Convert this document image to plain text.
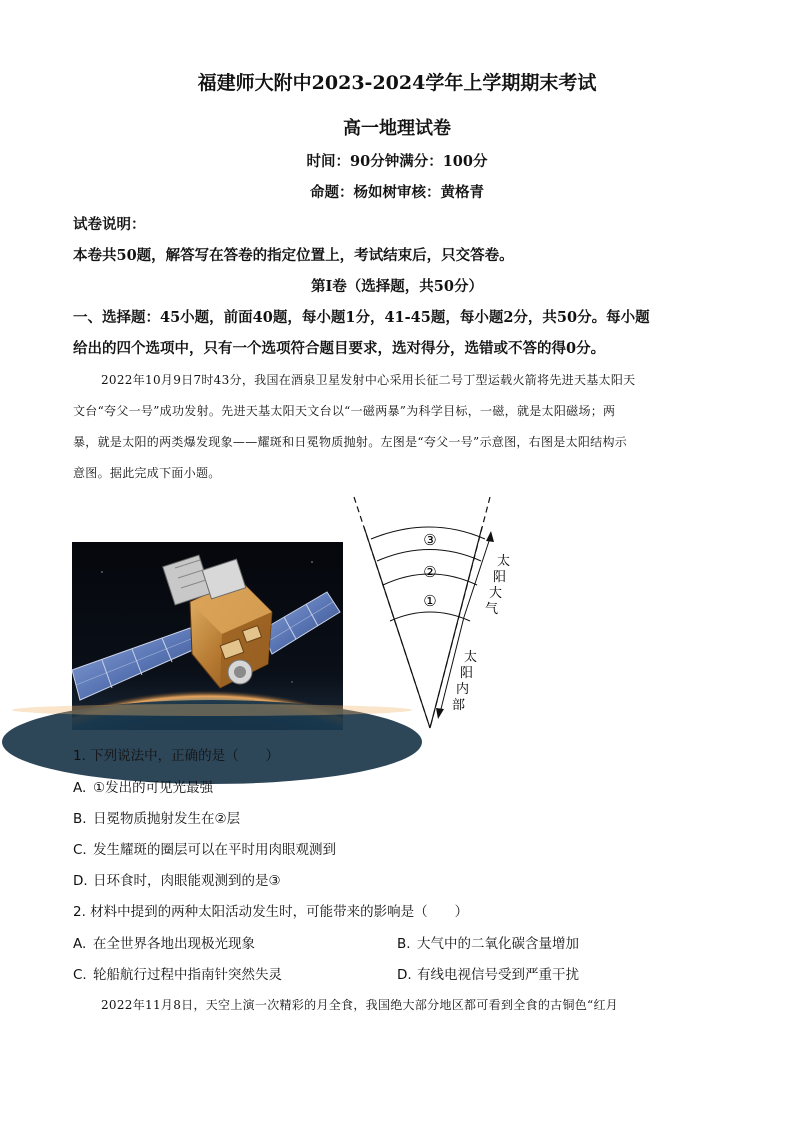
福建师大附中2023-2024学年上学期期末考试
高一地理试卷
时间：90分钟满分：100分
命题：杨如树审核：黄格青
试卷说明：
本卷共50题，解答写在答卷的指定位置上，考试结束后，只交答卷。
第Ⅰ卷（选择题，共50分）
一、选择题：45小题，前面40题，每小题1分，41-45题，每小题2分，共50分。每小题
给出的四个选项中，只有一个选项符合题目要求，选对得分，选错或不答的得0分。
2022年10月9日7时43分，我国在酒泉卫星发射中心采用长征二号丁型运载火箭将先进天基太阳天
文台“夸父一号”成功发射。先进天基太阳天文台以“一磁两暴”为科学目标，一磁，就是太阳磁场；两
暴，就是太阳的两类爆发现象——耀斑和日冕物质抛射。左图是“夸父一号”示意图，右图是太阳结构示
意图。据此完成下面小题。
①
②
③
太
阳
大
气
太
阳
内
部
1. 下列说法中，正确的是（　　）
A. ①发出的可见光最强
B. 日冕物质抛射发生在②层
C. 发生耀斑的圈层可以在平时用肉眼观测到
D. 日环食时，肉眼能观测到的是③
2. 材料中提到的两种太阳活动发生时，可能带来的影响是（　　）
A. 在全世界各地出现极光现象	B. 大气中的二氧化碳含量增加
C. 轮船航行过程中指南针突然失灵	D. 有线电视信号受到严重干扰
2022年11月8日，天空上演一次精彩的月全食，我国绝大部分地区都可看到全食的古铜色“红月
